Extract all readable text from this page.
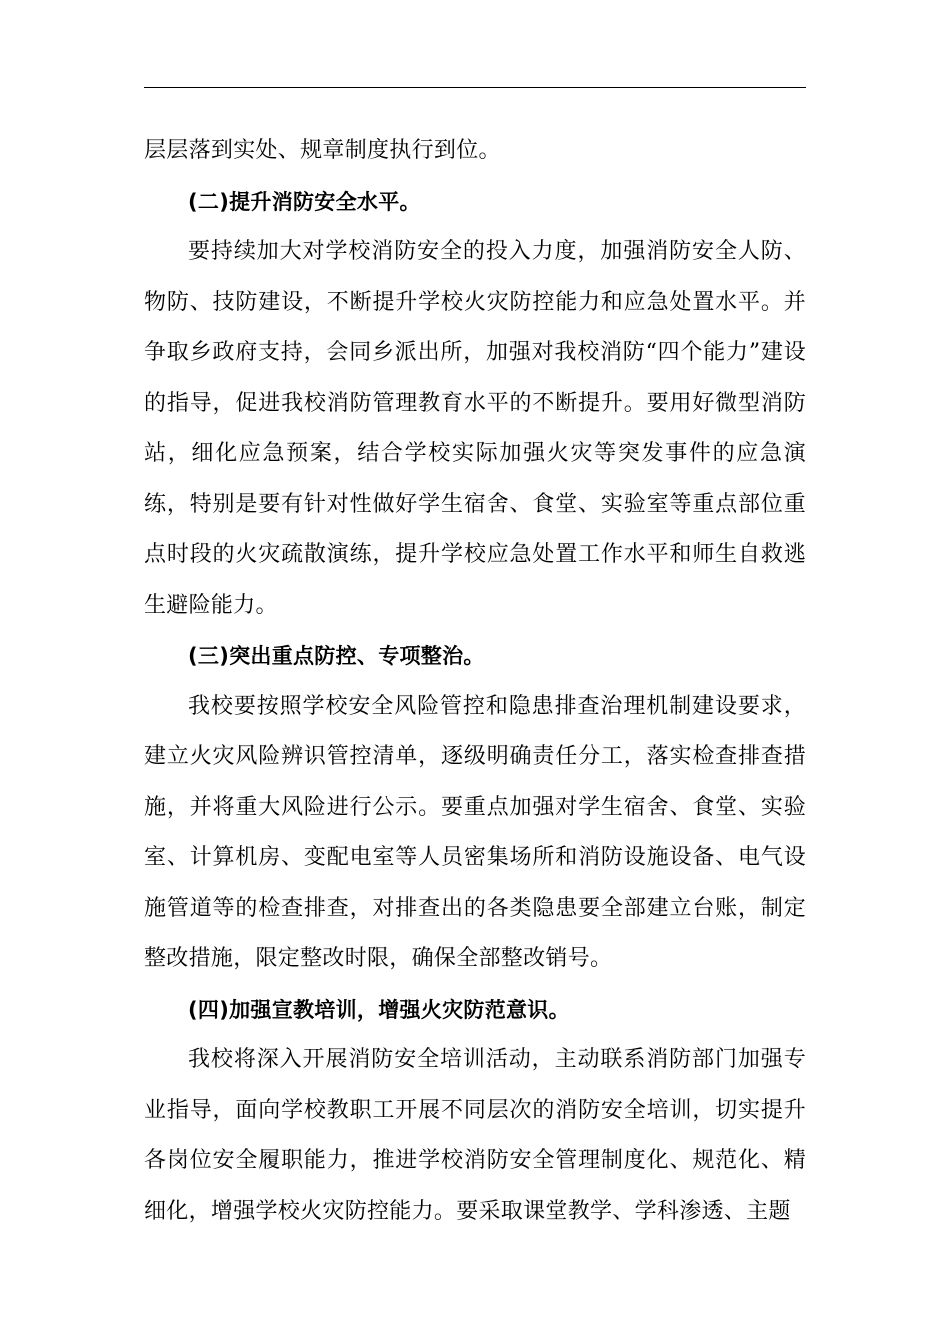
层层落到实处、规章制度执行到位。

(二)提升消防安全水平。

要持续加大对学校消防安全的投入力度，加强消防安全人防、物防、技防建设，不断提升学校火灾防控能力和应急处置水平。并争取乡政府支持，会同乡派出所，加强对我校消防“四个能力”建设的指导，促进我校消防管理教育水平的不断提升。要用好微型消防站，细化应急预案，结合学校实际加强火灾等突发事件的应急演练，特别是要有针对性做好学生宿舍、食堂、实验室等重点部位重点时段的火灾疏散演练，提升学校应急处置工作水平和师生自救逃生避险能力。

(三)突出重点防控、专项整治。

我校要按照学校安全风险管控和隐患排查治理机制建设要求，建立火灾风险辨识管控清单，逐级明确责任分工，落实检查排查措施，并将重大风险进行公示。要重点加强对学生宿舍、食堂、实验室、计算机房、变配电室等人员密集场所和消防设施设备、电气设施管道等的检查排查，对排查出的各类隐患要全部建立台账，制定整改措施，限定整改时限，确保全部整改销号。

(四)加强宣教培训，增强火灾防范意识。

我校将深入开展消防安全培训活动，主动联系消防部门加强专业指导，面向学校教职工开展不同层次的消防安全培训，切实提升各岗位安全履职能力，推进学校消防安全管理制度化、规范化、精细化，增强学校火灾防控能力。要采取课堂教学、学科渗透、主题
